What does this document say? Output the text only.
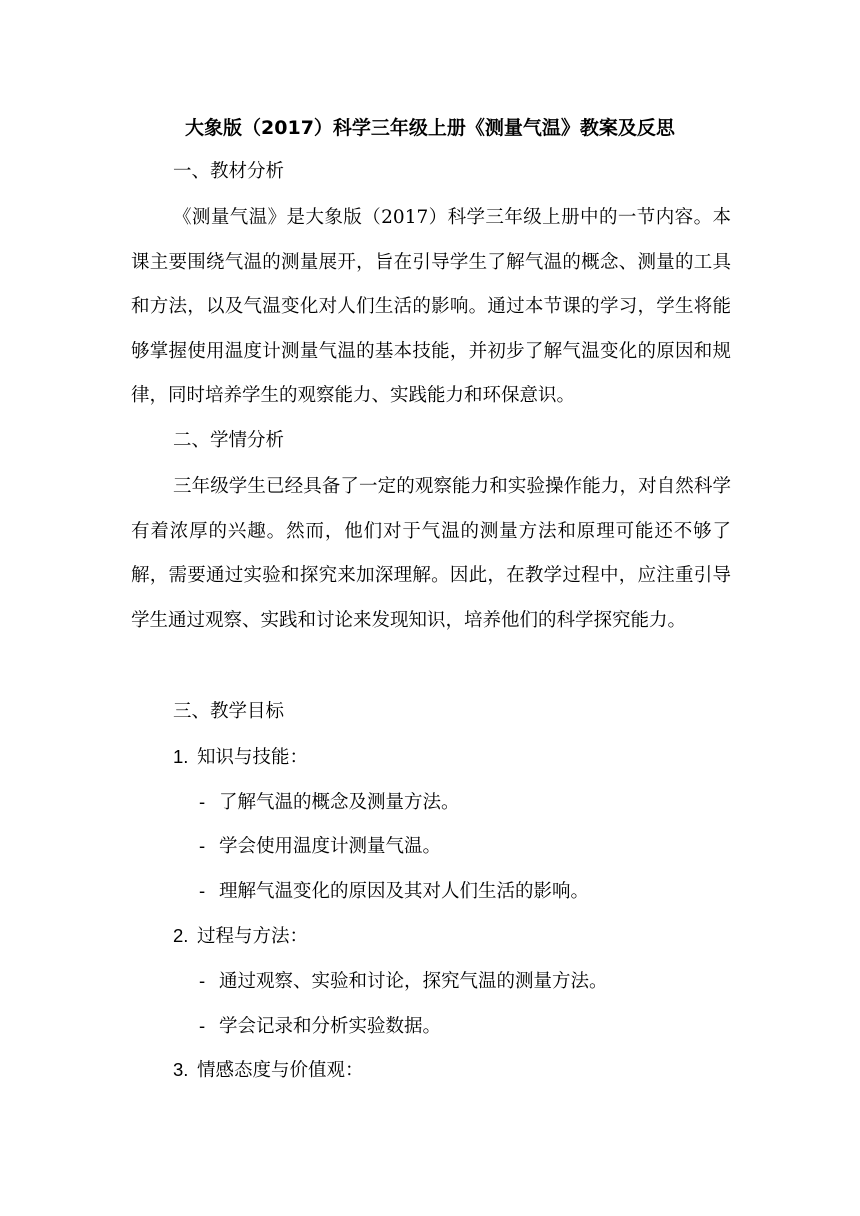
大象版（2017）科学三年级上册《测量气温》教案及反思
一、教材分析
《测量气温》是大象版（2017）科学三年级上册中的一节内容。本课主要围绕气温的测量展开，旨在引导学生了解气温的概念、测量的工具和方法，以及气温变化对人们生活的影响。通过本节课的学习，学生将能够掌握使用温度计测量气温的基本技能，并初步了解气温变化的原因和规律，同时培养学生的观察能力、实践能力和环保意识。
二、学情分析
三年级学生已经具备了一定的观察能力和实验操作能力，对自然科学有着浓厚的兴趣。然而，他们对于气温的测量方法和原理可能还不够了解，需要通过实验和探究来加深理解。因此，在教学过程中，应注重引导学生通过观察、实践和讨论来发现知识，培养他们的科学探究能力。
三、教学目标
1. 知识与技能：
- 了解气温的概念及测量方法。
- 学会使用温度计测量气温。
- 理解气温变化的原因及其对人们生活的影响。
2. 过程与方法：
- 通过观察、实验和讨论，探究气温的测量方法。
- 学会记录和分析实验数据。
3. 情感态度与价值观：
